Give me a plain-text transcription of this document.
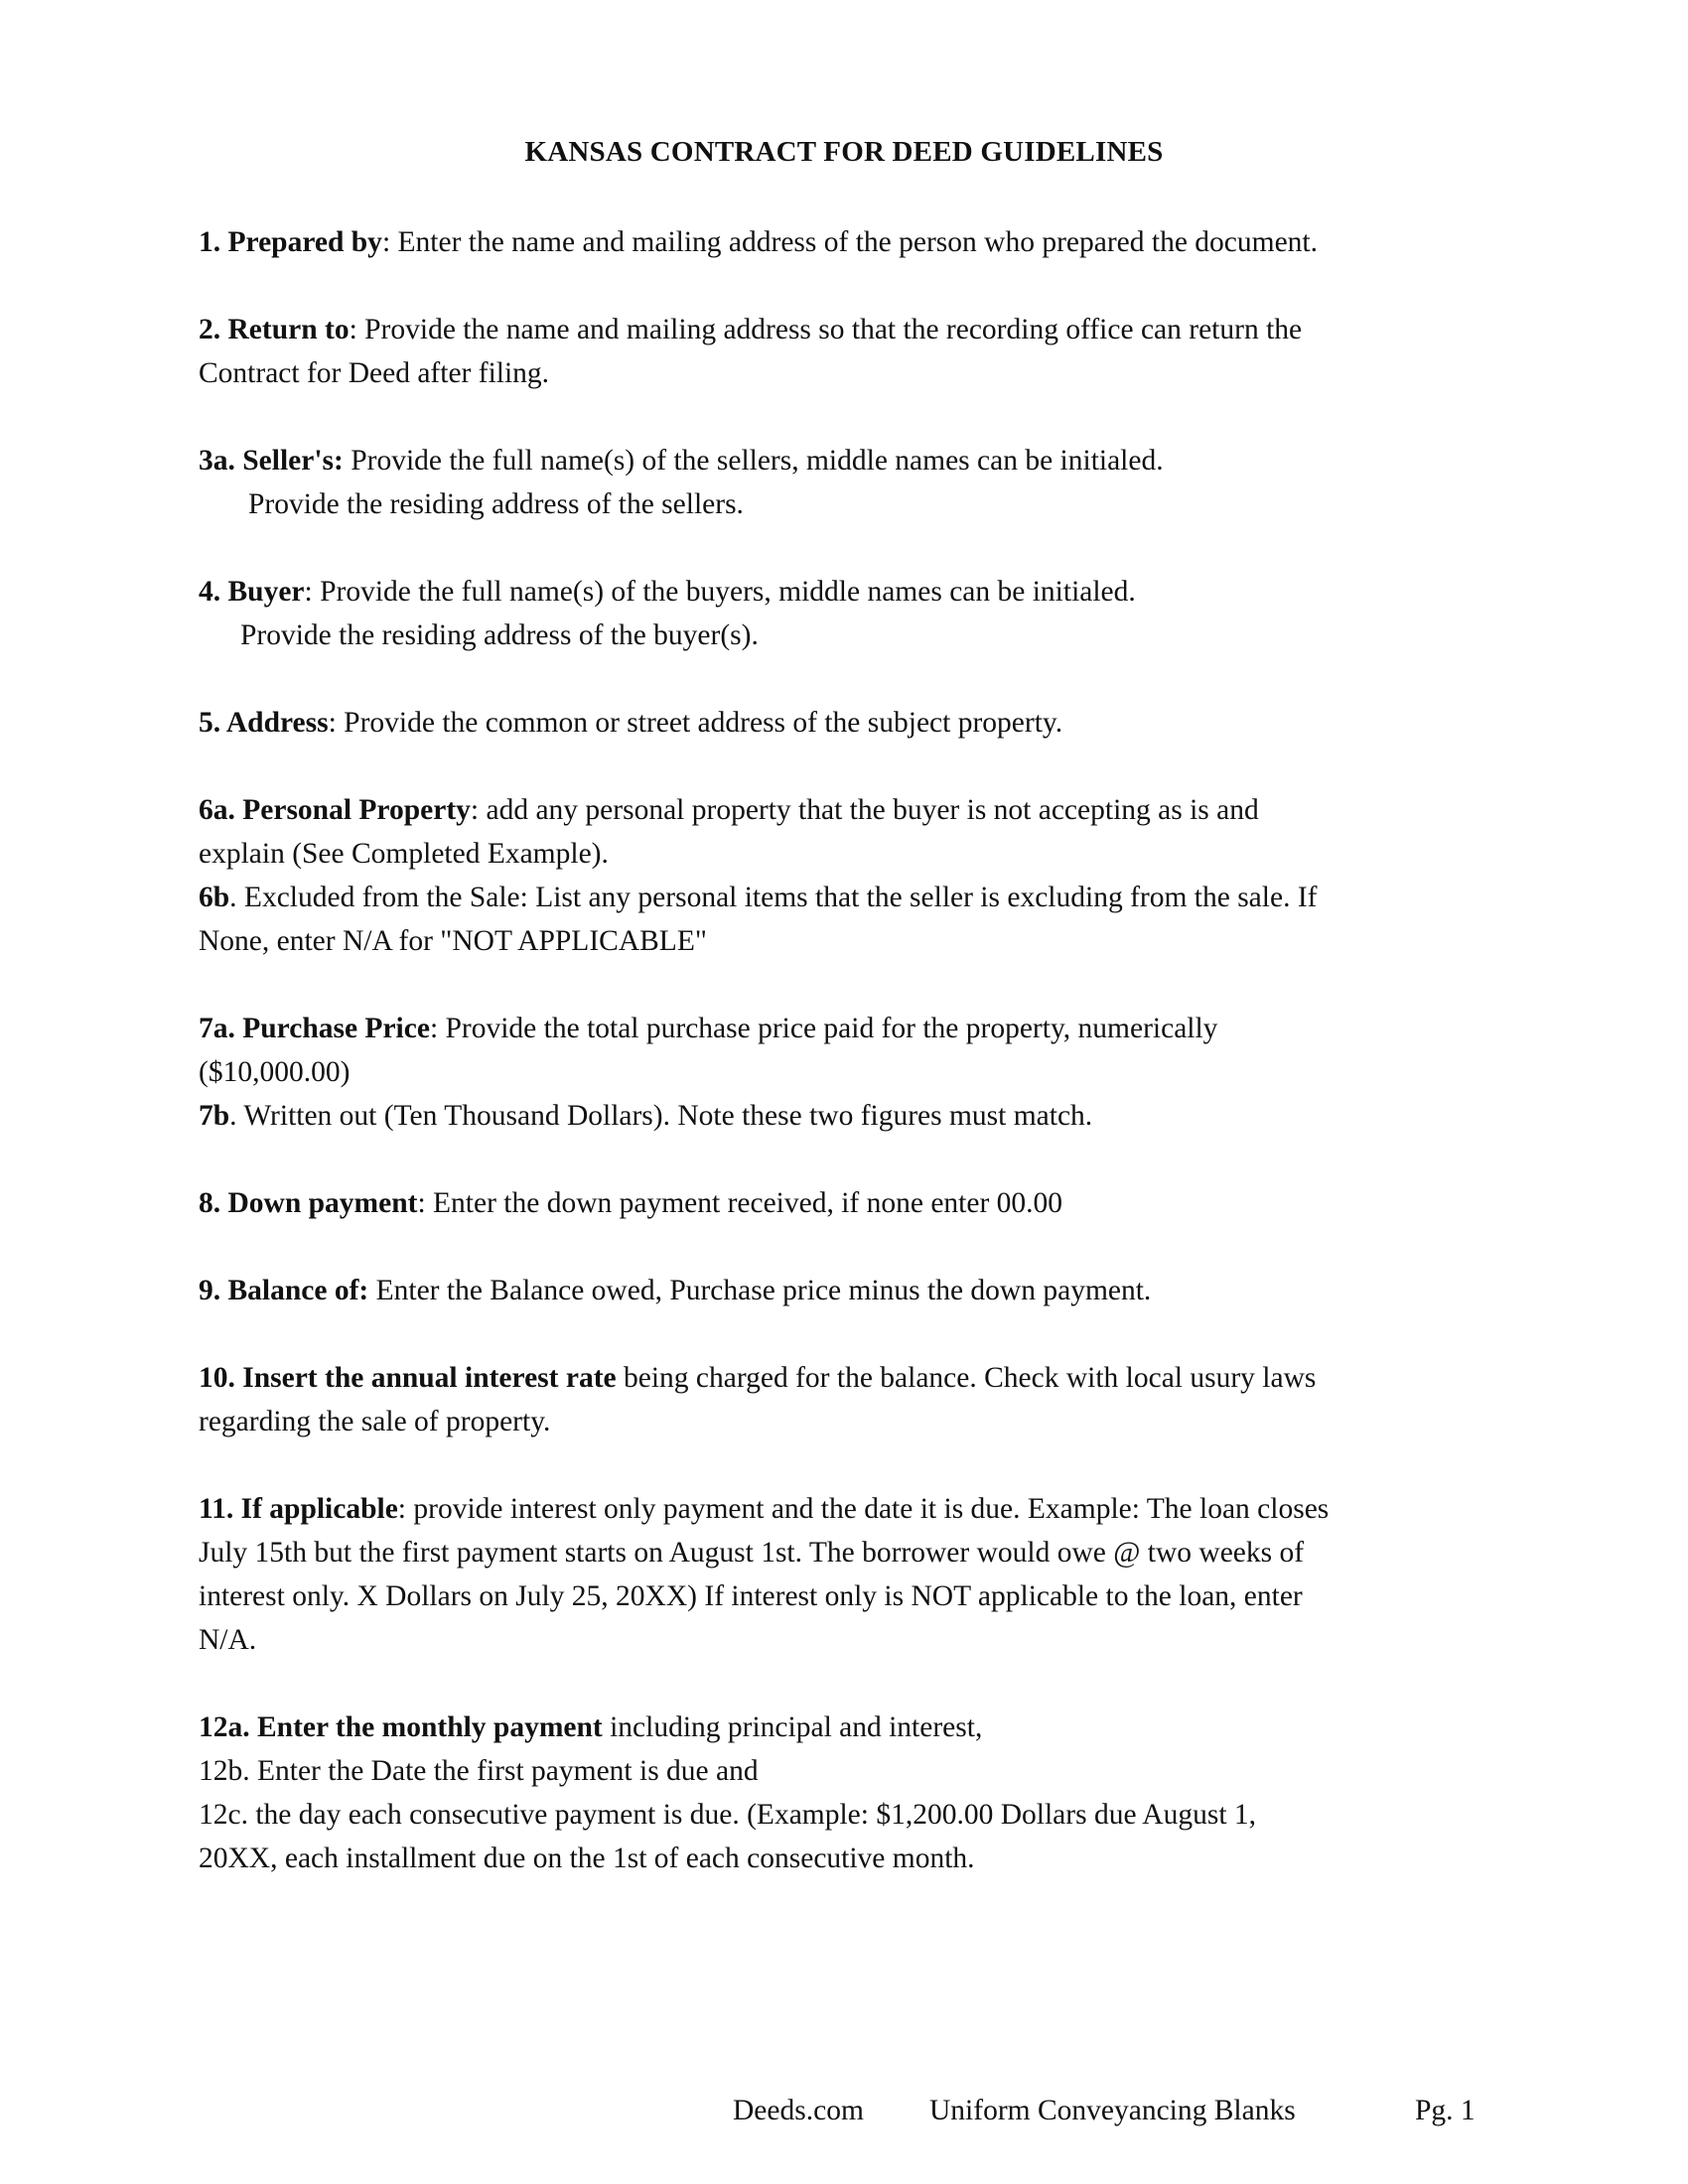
KANSAS CONTRACT FOR DEED GUIDELINES
1. Prepared by: Enter the name and mailing address of the person who prepared the document.
2. Return to: Provide the name and mailing address so that the recording office can return the
Contract for Deed after filing.
3a. Seller's: Provide the full name(s) of the sellers, middle names can be initialed.
Provide the residing address of the sellers.
4. Buyer: Provide the full name(s) of the buyers, middle names can be initialed.
Provide the residing address of the buyer(s).
5. Address: Provide the common or street address of the subject property.
6a. Personal Property: add any personal property that the buyer is not accepting as is and
explain (See Completed Example).
6b. Excluded from the Sale: List any personal items that the seller is excluding from the sale. If
None, enter N/A for "NOT APPLICABLE"
7a. Purchase Price: Provide the total purchase price paid for the property, numerically
($10,000.00)
7b. Written out (Ten Thousand Dollars). Note these two figures must match.
8. Down payment: Enter the down payment received, if none enter 00.00
9. Balance of: Enter the Balance owed, Purchase price minus the down payment.
10. Insert the annual interest rate being charged for the balance. Check with local usury laws
regarding the sale of property.
11. If applicable: provide interest only payment and the date it is due. Example: The loan closes
July 15th but the first payment starts on August 1st. The borrower would owe @ two weeks of
interest only. X Dollars on July 25, 20XX) If interest only is NOT applicable to the loan, enter
N/A.
12a. Enter the monthly payment including principal and interest,
12b. Enter the Date the first payment is due and
12c. the day each consecutive payment is due. (Example: $1,200.00 Dollars due August 1,
20XX, each installment due on the 1st of each consecutive month.
Deeds.com Uniform Conveyancing Blanks	Pg. 1
